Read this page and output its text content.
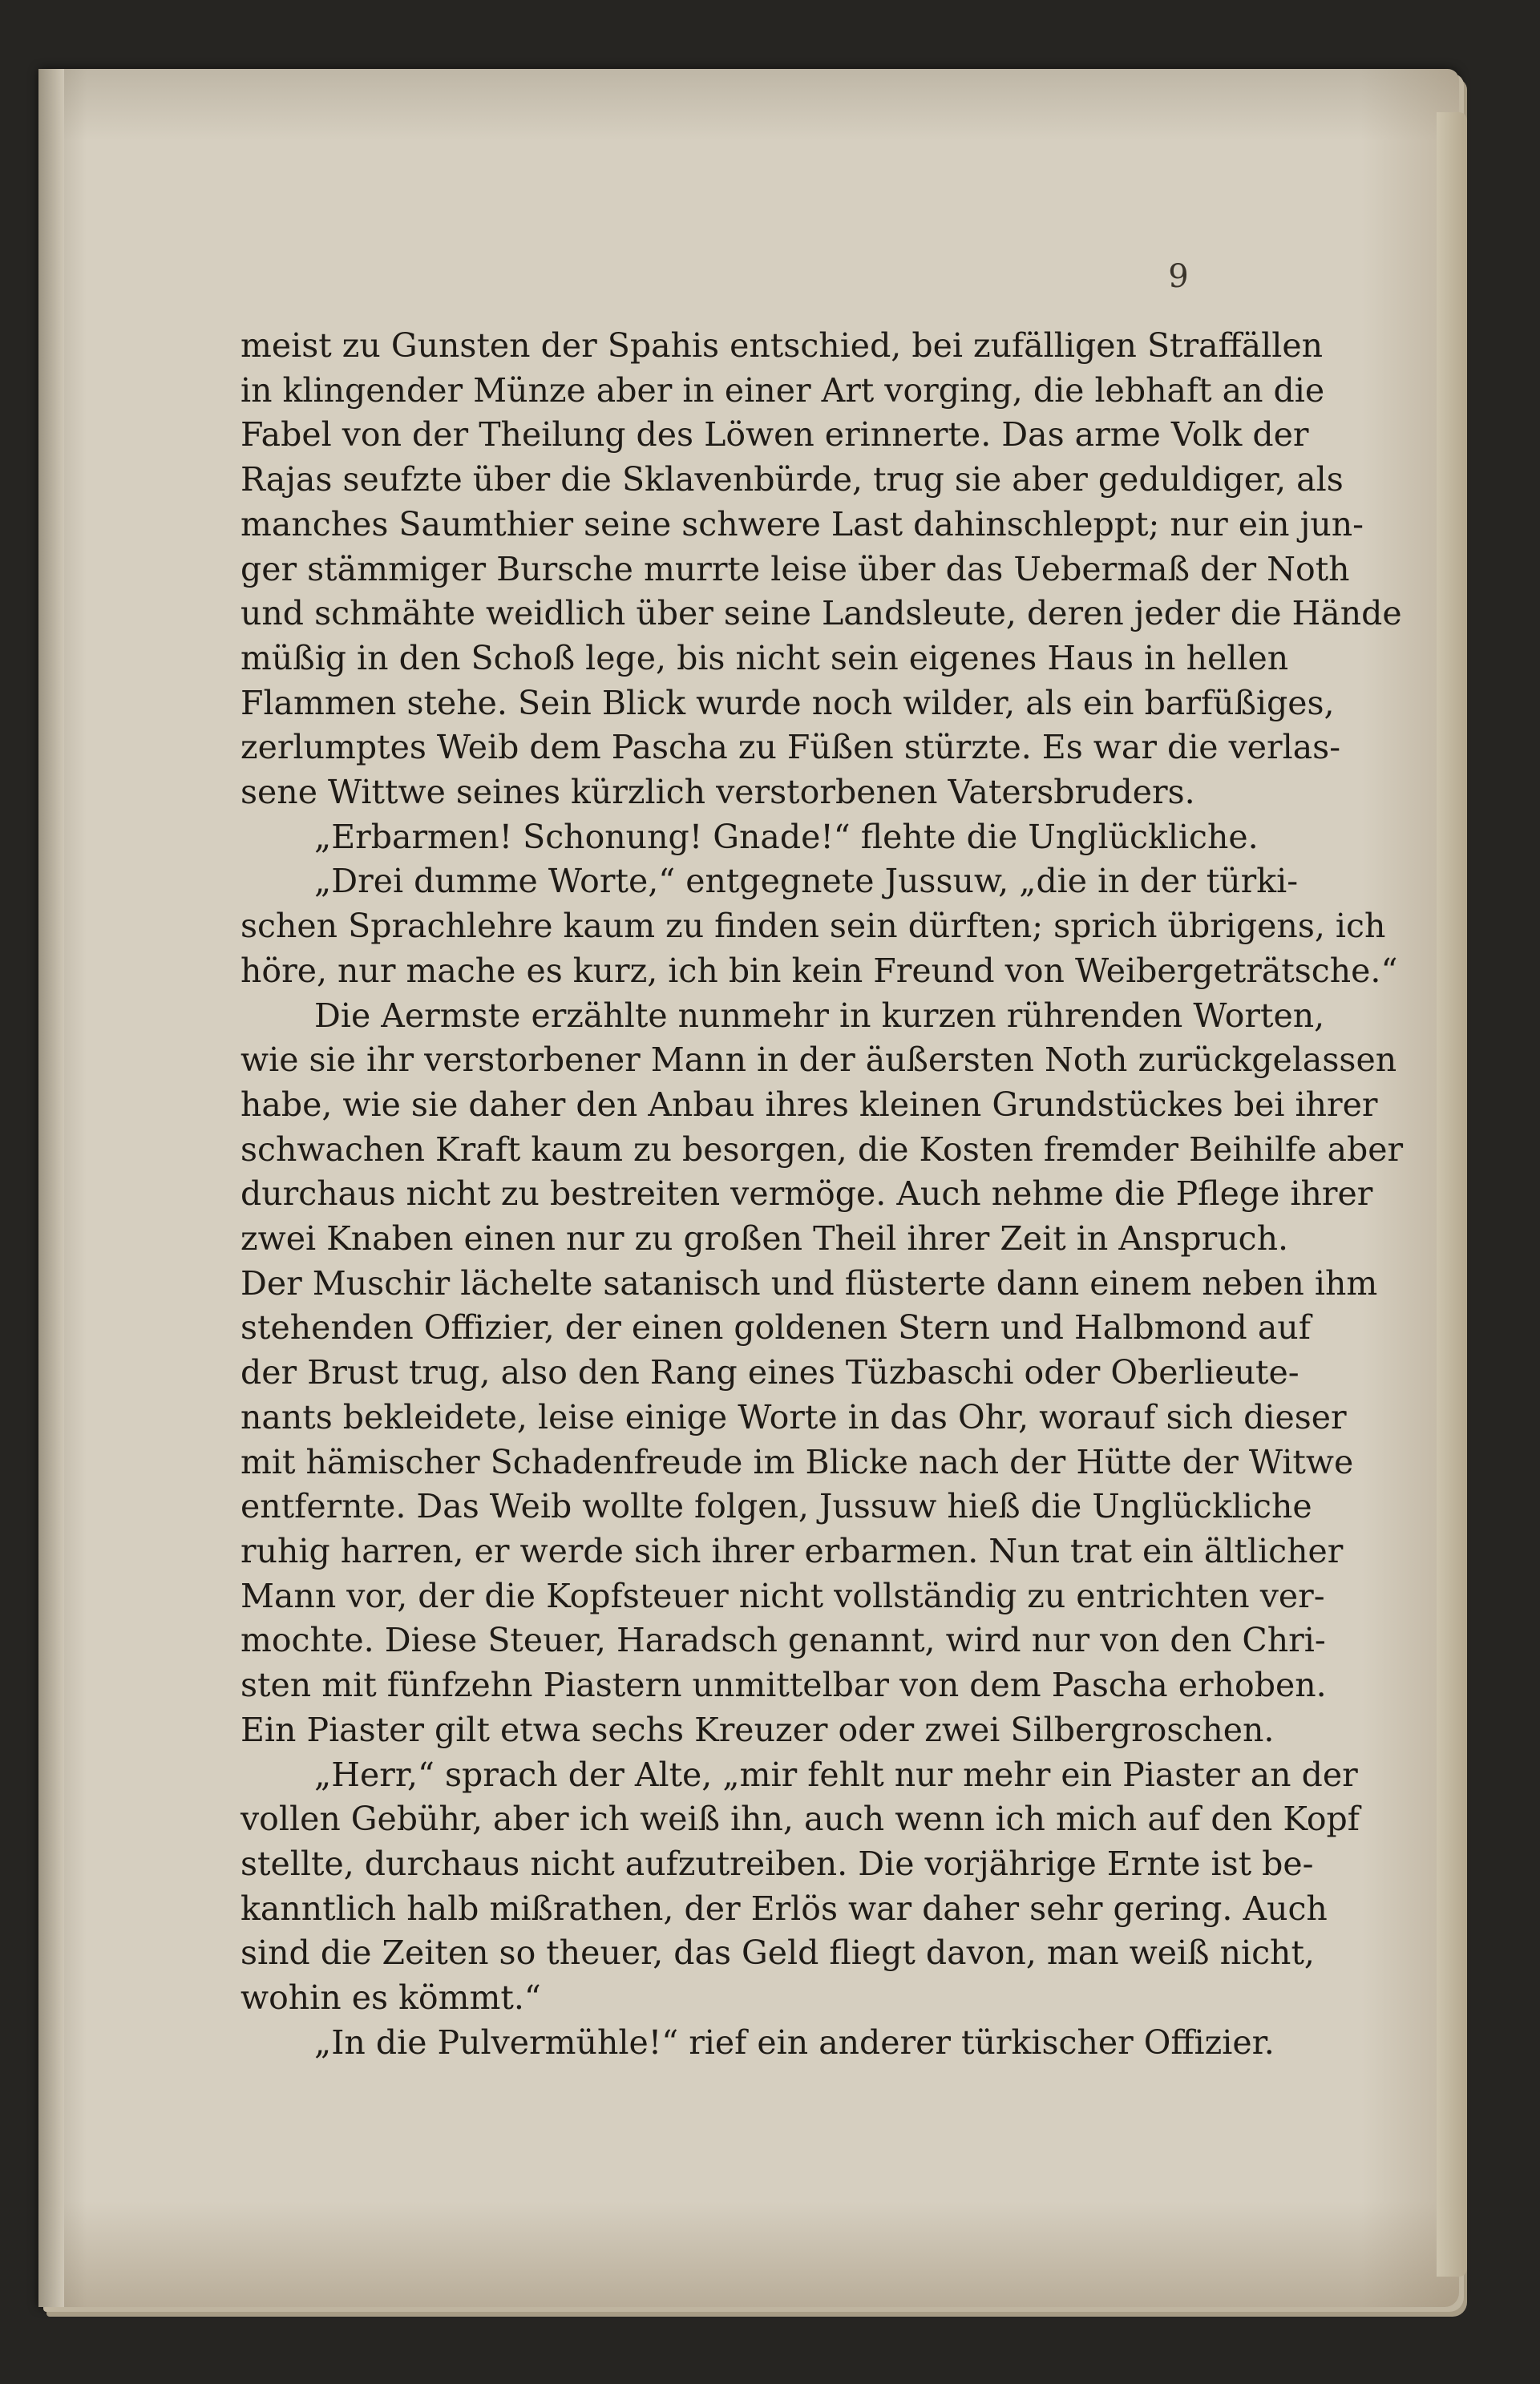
9
meist zu Gunsten der Spahis entschied, bei zufälligen Straffällen
in klingender Münze aber in einer Art vorging, die lebhaft an die
Fabel von der Theilung des Löwen erinnerte. Das arme Volk der
Rajas seufzte über die Sklavenbürde, trug sie aber geduldiger, als
manches Saumthier seine schwere Last dahinschleppt; nur ein jun-
ger stämmiger Bursche murrte leise über das Uebermaß der Noth
und schmähte weidlich über seine Landsleute, deren jeder die Hände
müßig in den Schoß lege, bis nicht sein eigenes Haus in hellen
Flammen stehe. Sein Blick wurde noch wilder, als ein barfüßiges,
zerlumptes Weib dem Pascha zu Füßen stürzte. Es war die verlas-
sene Wittwe seines kürzlich verstorbenen Vatersbruders.
„Erbarmen! Schonung! Gnade!“ flehte die Unglückliche.
„Drei dumme Worte,“ entgegnete Jussuw, „die in der türki-
schen Sprachlehre kaum zu finden sein dürften; sprich übrigens, ich
höre, nur mache es kurz, ich bin kein Freund von Weibergeträtsche.“
Die Aermste erzählte nunmehr in kurzen rührenden Worten,
wie sie ihr verstorbener Mann in der äußersten Noth zurückgelassen
habe, wie sie daher den Anbau ihres kleinen Grundstückes bei ihrer
schwachen Kraft kaum zu besorgen, die Kosten fremder Beihilfe aber
durchaus nicht zu bestreiten vermöge. Auch nehme die Pflege ihrer
zwei Knaben einen nur zu großen Theil ihrer Zeit in Anspruch.
Der Muschir lächelte satanisch und flüsterte dann einem neben ihm
stehenden Offizier, der einen goldenen Stern und Halbmond auf
der Brust trug, also den Rang eines Tüzbaschi oder Oberlieute-
nants bekleidete, leise einige Worte in das Ohr, worauf sich dieser
mit hämischer Schadenfreude im Blicke nach der Hütte der Witwe
entfernte. Das Weib wollte folgen, Jussuw hieß die Unglückliche
ruhig harren, er werde sich ihrer erbarmen. Nun trat ein ältlicher
Mann vor, der die Kopfsteuer nicht vollständig zu entrichten ver-
mochte. Diese Steuer, Haradsch genannt, wird nur von den Chri-
sten mit fünfzehn Piastern unmittelbar von dem Pascha erhoben.
Ein Piaster gilt etwa sechs Kreuzer oder zwei Silbergroschen.
„Herr,“ sprach der Alte, „mir fehlt nur mehr ein Piaster an der
vollen Gebühr, aber ich weiß ihn, auch wenn ich mich auf den Kopf
stellte, durchaus nicht aufzutreiben. Die vorjährige Ernte ist be-
kanntlich halb mißrathen, der Erlös war daher sehr gering. Auch
sind die Zeiten so theuer, das Geld fliegt davon, man weiß nicht,
wohin es kömmt.“
„In die Pulvermühle!“ rief ein anderer türkischer Offizier.
